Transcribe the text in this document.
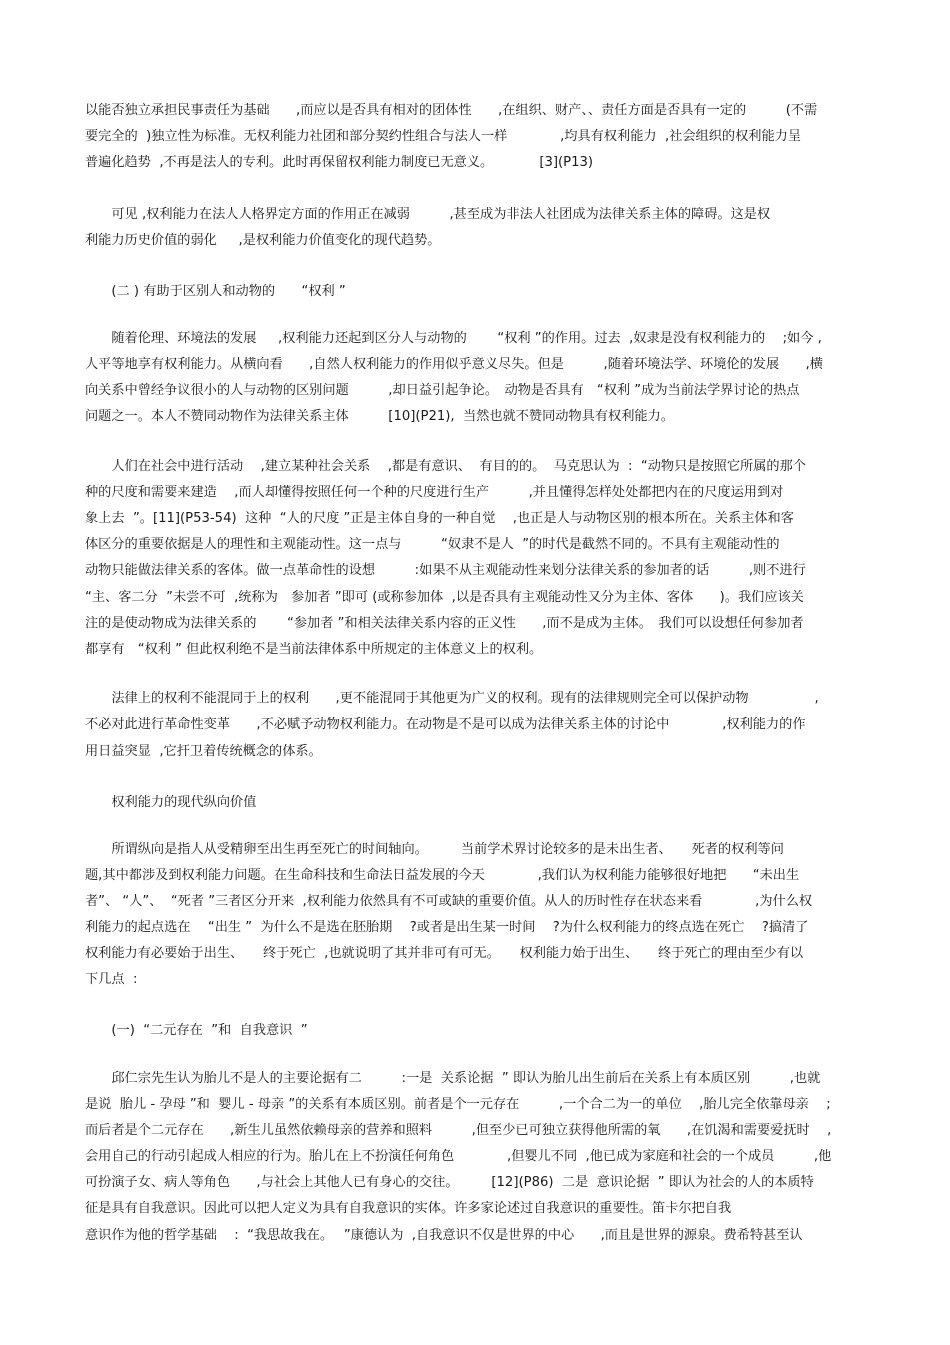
以能否独立承担民事责任为基础　　,而应以是否具有相对的团体性　　,在组织、财产、、责任方面是否具有一定的　　　(不需
要完全的  )独立性为标准。无权利能力社团和部分契约性组合与法人一样　　　　,均具有权利能力  ,社会组织的权利能力呈
普遍化趋势  ,不再是法人的专利。此时再保留权利能力制度已无意义。　　　　[3](P13)
　　可见 ,权利能力在法人人格界定方面的作用正在减弱　　　,甚至成为非法人社团成为法律关系主体的障碍。这是权
利能力历史价值的弱化　  ,是权利能力价值变化的现代趋势。
　　(二 ) 有助于区别人和动物的　　“权利 ”
　　随着伦理、环境法的发展　  ,权利能力还起到区分人与动物的　　 “权利 ”的作用。过去  ,奴隶是没有权利能力的　 ;如今 ,
人平等地享有权利能力。从横向看　　,自然人权利能力的作用似乎意义尽失。但是　　　,随着环境法学、环境伦的发展　　,横
向关系中曾经争议很小的人与动物的区别问题　　　,却日益引起争论。　动物是否具有　“权利 ”成为当前法学界讨论的热点
问题之一。本人不赞同动物作为法律关系主体　　　[10](P21),  当然也就不赞同动物具有权利能力。
　　人们在社会中进行活动　 ,建立某种社会关系　 ,都是有意识、  有目的的。  马克思认为  :  “动物只是按照它所属的那个
种的尺度和需要来建造　 ,而人却懂得按照任何一个种的尺度进行生产　　　,并且懂得怎样处处都把内在的尺度运用到对
象上去  ”。[11](P53-54)  这种  “人的尺度 ”正是主体自身的一种自觉　 ,也正是人与动物区别的根本所在。关系主体和客
体区分的重要依据是人的理性和主观能动性。这一点与　　　“奴隶不是人  ”的时代是截然不同的。不具有主观能动性的
动物只能做法律关系的客体。做一点革命性的设想　　　:如果不从主观能动性来划分法律关系的参加者的话　　　,则不进行
“主、客二分  ”未尝不可  ,统称为　参加者 ”即可 (或称参加体  ,以是否具有主观能动性又分为主体、客体　　)。我们应该关
注的是使动物成为法律关系的　　 “参加者 ”和相关法律关系内容的正义性　　,而不是成为主体。　我们可以设想任何参加者
都享有　“权利 ” 但此权利绝不是当前法律体系中所规定的主体意义上的权利。
　　法律上的权利不能混同于上的权利　　,更不能混同于其他更为广义的权利。现有的法律规则完全可以保护动物　　　　　,
不必对此进行革命性变革　　,不必赋予动物权利能力。在动物是不是可以成为法律关系主体的讨论中　　　　,权利能力的作
用日益突显  ,它扞卫着传统概念的体系。
　　权利能力的现代纵向价值
　　所谓纵向是指人从受精卵至出生再至死亡的时间轴向。　　　当前学术界讨论较多的是未出生者、　　死者的权利等问
题,其中都涉及到权利能力问题。在生命科技和生命法日益发展的今天　　　　,我们认为权利能力能够很好地把　　“未出生
者”、 “人”、  “死者 ”三者区分开来  ,权利能力依然具有不可或缺的重要价值。从人的历时性存在状态来看　　　　,为什么权
利能力的起点选在　 “出生 ”  为什么不是选在胚胎期　 ?或者是出生某一时间　 ?为什么权利能力的终点选在死亡　 ?搞清了
权利能力有必要始于出生、　　终于死亡  ,也就说明了其并非可有可无。　　权利能力始于出生、　　终于死亡的理由至少有以
下几点  :
　　(一)  “二元存在  ”和  自我意识  ”
　　邱仁宗先生认为胎儿不是人的主要论据有二　　　:一是  关系论据  ” 即认为胎儿出生前后在关系上有本质区别　　　,也就
是说  胎儿 - 孕母 ”和  婴儿 - 母亲 ”的关系有本质区别。前者是个一元存在　　　,一个合二为一的单位　 ,胎儿完全依靠母亲　 ;
而后者是个二元存在　　,新生儿虽然依赖母亲的营养和照料　　　,但至少已可独立获得他所需的氧　　,在饥渴和需要爱抚时　 ,
会用自己的行动引起成人相应的行为。胎儿在上不扮演任何角色　　　　,但婴儿不同  ,他已成为家庭和社会的一个成员　　　,他
可扮演子女、病人等角色　　,与社会上其他人已有身心的交往。　　　[12](P86)  二是  意识论据  ” 即认为社会的人的本质特
征是具有自我意识。因此可以把人定义为具有自我意识的实体。许多家论述过自我意识的重要性。笛卡尔把自我
意识作为他的哲学基础　 :  “我思故我在。　 ”康德认为  ,自我意识不仅是世界的中心　　,而且是世界的源泉。费希特甚至认
